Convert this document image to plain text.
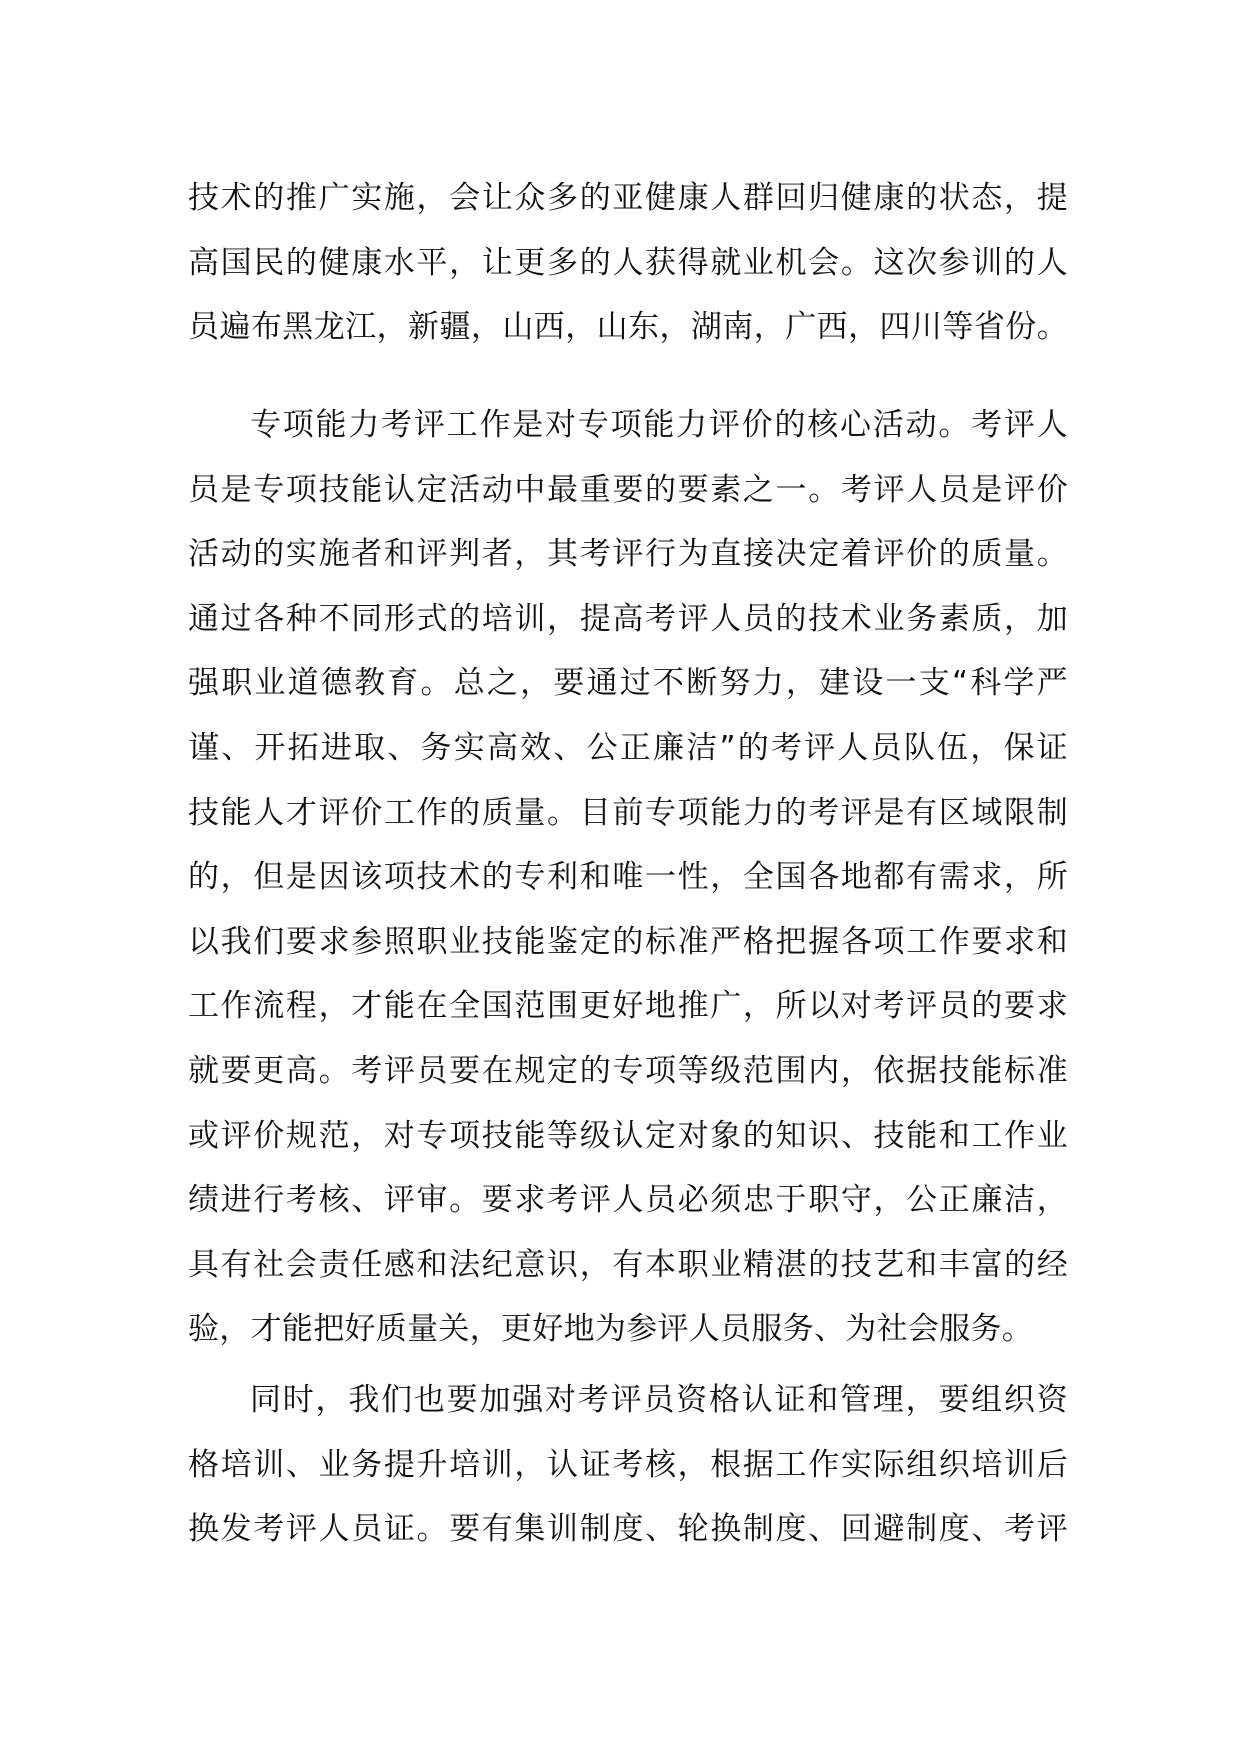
技术的推广实施，会让众多的亚健康人群回归健康的状态，提
高国民的健康水平，让更多的人获得就业机会。这次参训的人
员遍布黑龙江，新疆，山西，山东，湖南，广西，四川等省份。
专项能力考评工作是对专项能力评价的核心活动。考评人
员是专项技能认定活动中最重要的要素之一。考评人员是评价
活动的实施者和评判者，其考评行为直接决定着评价的质量。
通过各种不同形式的培训，提高考评人员的技术业务素质，加
强职业道德教育。总之，要通过不断努力，建设一支“科学严
谨、开拓进取、务实高效、公正廉洁”的考评人员队伍，保证
技能人才评价工作的质量。目前专项能力的考评是有区域限制
的，但是因该项技术的专利和唯一性，全国各地都有需求，所
以我们要求参照职业技能鉴定的标准严格把握各项工作要求和
工作流程，才能在全国范围更好地推广，所以对考评员的要求
就要更高。考评员要在规定的专项等级范围内，依据技能标准
或评价规范，对专项技能等级认定对象的知识、技能和工作业
绩进行考核、评审。要求考评人员必须忠于职守，公正廉洁，
具有社会责任感和法纪意识，有本职业精湛的技艺和丰富的经
验，才能把好质量关，更好地为参评人员服务、为社会服务。
同时，我们也要加强对考评员资格认证和管理，要组织资
格培训、业务提升培训，认证考核，根据工作实际组织培训后
换发考评人员证。要有集训制度、轮换制度、回避制度、考评
